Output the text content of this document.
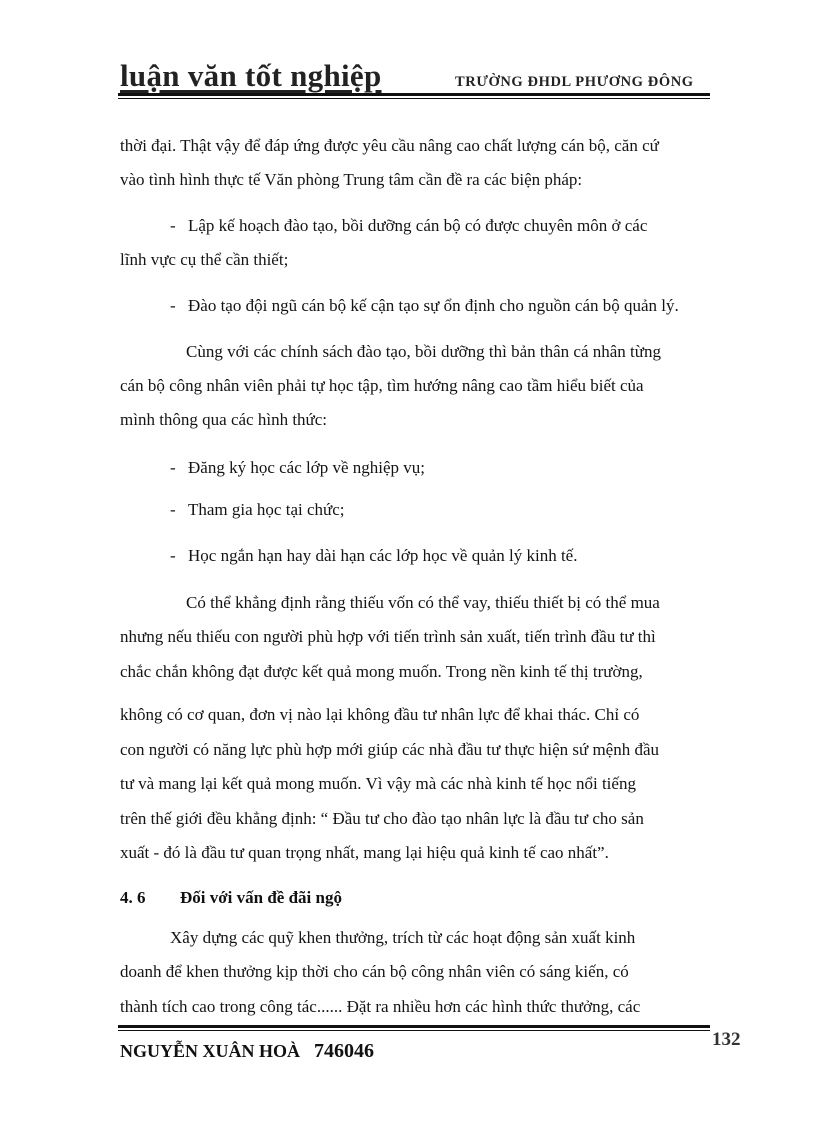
luận văn tốt nghiệp	TRƯỜNG ĐHDL PHƯƠNG ĐÔNG
thời đại. Thật vậy để đáp ứng được yêu cầu nâng cao chất lượng cán bộ, căn cứ
vào tình hình thực tế Văn phòng Trung tâm cần đề ra các biện pháp:
- Lập kế hoạch đào tạo, bồi dưỡng cán bộ có được chuyên môn ở các
lĩnh vực cụ thể cần thiết;
- Đào tạo đội ngũ cán bộ kế cận tạo sự ổn định cho nguồn cán bộ quản lý.
Cùng với các chính sách đào tạo, bồi dưỡng thì bản thân cá nhân từng
cán bộ công nhân viên phải tự học tập, tìm hướng nâng cao tầm hiểu biết của
mình thông qua các hình thức:
- Đăng ký học các lớp về nghiệp vụ;
- Tham gia học tại chức;
- Học ngắn hạn hay dài hạn các lớp học về quản lý kinh tế.
Có thể khẳng định rằng thiếu vốn có thể vay, thiếu thiết bị có thể mua
nhưng nếu thiếu con người phù hợp với tiến trình sản xuất, tiến trình đầu tư thì
chắc chắn không đạt được kết quả mong muốn. Trong nền kinh tế thị trường,
không có cơ quan, đơn vị nào lại không đầu tư nhân lực để khai thác. Chỉ có
con người có năng lực phù hợp mới giúp các nhà đầu tư thực hiện sứ mệnh đầu
tư và mang lại kết quả mong muốn. Vì vậy mà các nhà kinh tế học nổi tiếng
trên thế giới đều khẳng định: “ Đầu tư cho đào tạo nhân lực là đầu tư cho sản
xuất - đó là đầu tư quan trọng nhất, mang lại hiệu quả kinh tế cao nhất”.
4. 6 Đối với vấn đề đãi ngộ
Xây dựng các quỹ khen thưởng, trích từ các hoạt động sản xuất kinh
doanh để khen thưởng kịp thời cho cán bộ công nhân viên có sáng kiến, có
thành tích cao trong công tác...... Đặt ra nhiều hơn các hình thức thưởng, các
132
NGUYỄN XUÂN HOÀ 746046
